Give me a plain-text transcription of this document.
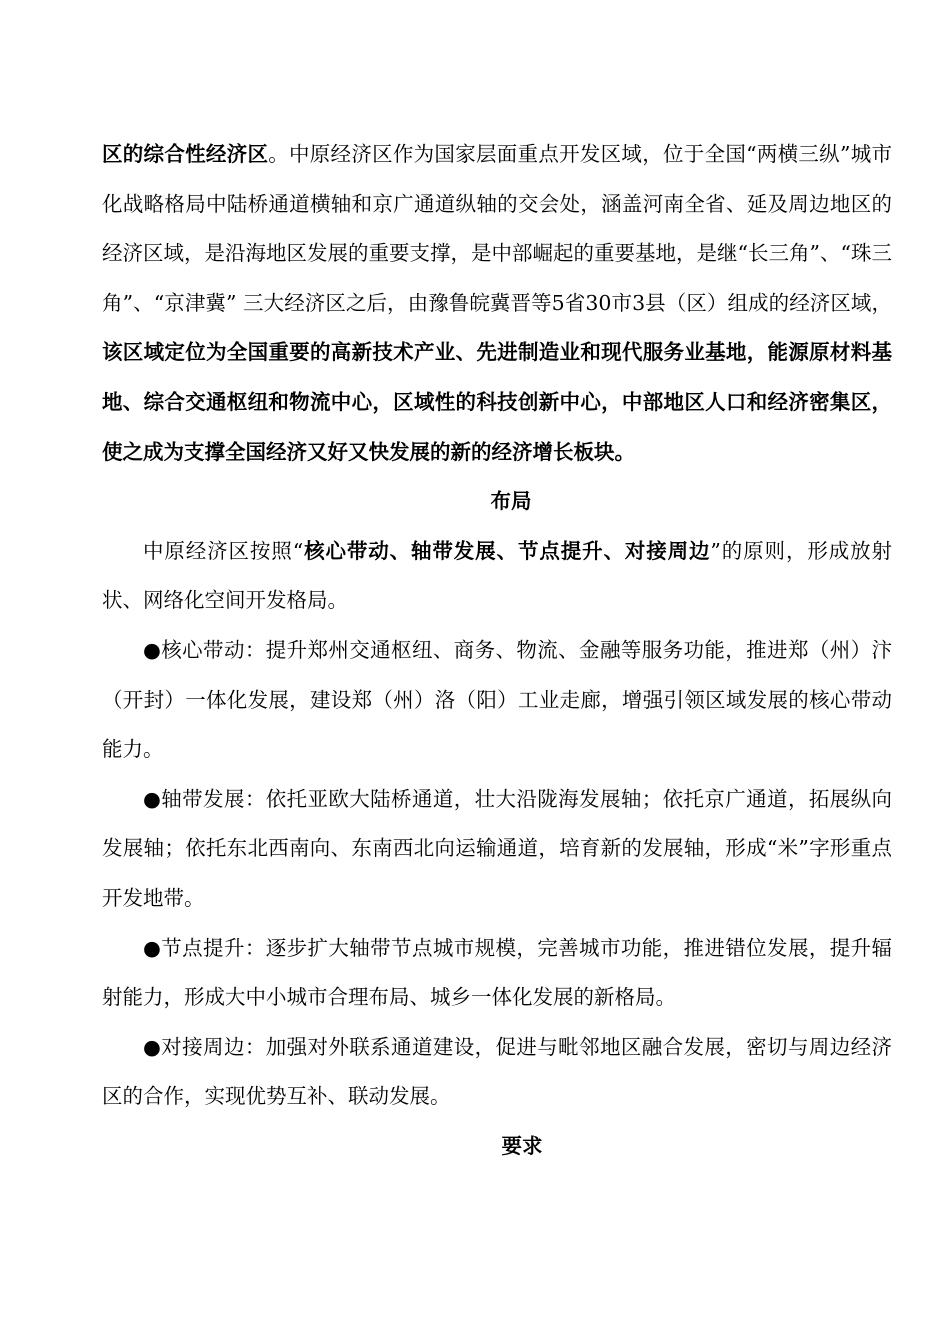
区的综合性经济区。中原经济区作为国家层面重点开发区域，位于全国“两横三纵”城市化战略格局中陆桥通道横轴和京广通道纵轴的交会处，涵盖河南全省、延及周边地区的经济区域，是沿海地区发展的重要支撑，是中部崛起的重要基地，是继“长三角”、“珠三角”、“京津冀” 三大经济区之后，由豫鲁皖冀晋等5省30市3县（区）组成的经济区域，该区域定位为全国重要的高新技术产业、先进制造业和现代服务业基地，能源原材料基地、综合交通枢纽和物流中心，区域性的科技创新中心，中部地区人口和经济密集区，使之成为支撑全国经济又好又快发展的新的经济增长板块。

布局

中原经济区按照“核心带动、轴带发展、节点提升、对接周边”的原则，形成放射状、网络化空间开发格局。

●核心带动：提升郑州交通枢纽、商务、物流、金融等服务功能，推进郑（州）汴（开封）一体化发展，建设郑（州）洛（阳）工业走廊，增强引领区域发展的核心带动能力。

●轴带发展：依托亚欧大陆桥通道，壮大沿陇海发展轴；依托京广通道，拓展纵向发展轴；依托东北西南向、东南西北向运输通道，培育新的发展轴，形成“米”字形重点开发地带。

●节点提升：逐步扩大轴带节点城市规模，完善城市功能，推进错位发展，提升辐射能力，形成大中小城市合理布局、城乡一体化发展的新格局。

●对接周边：加强对外联系通道建设，促进与毗邻地区融合发展，密切与周边经济区的合作，实现优势互补、联动发展。

要求
